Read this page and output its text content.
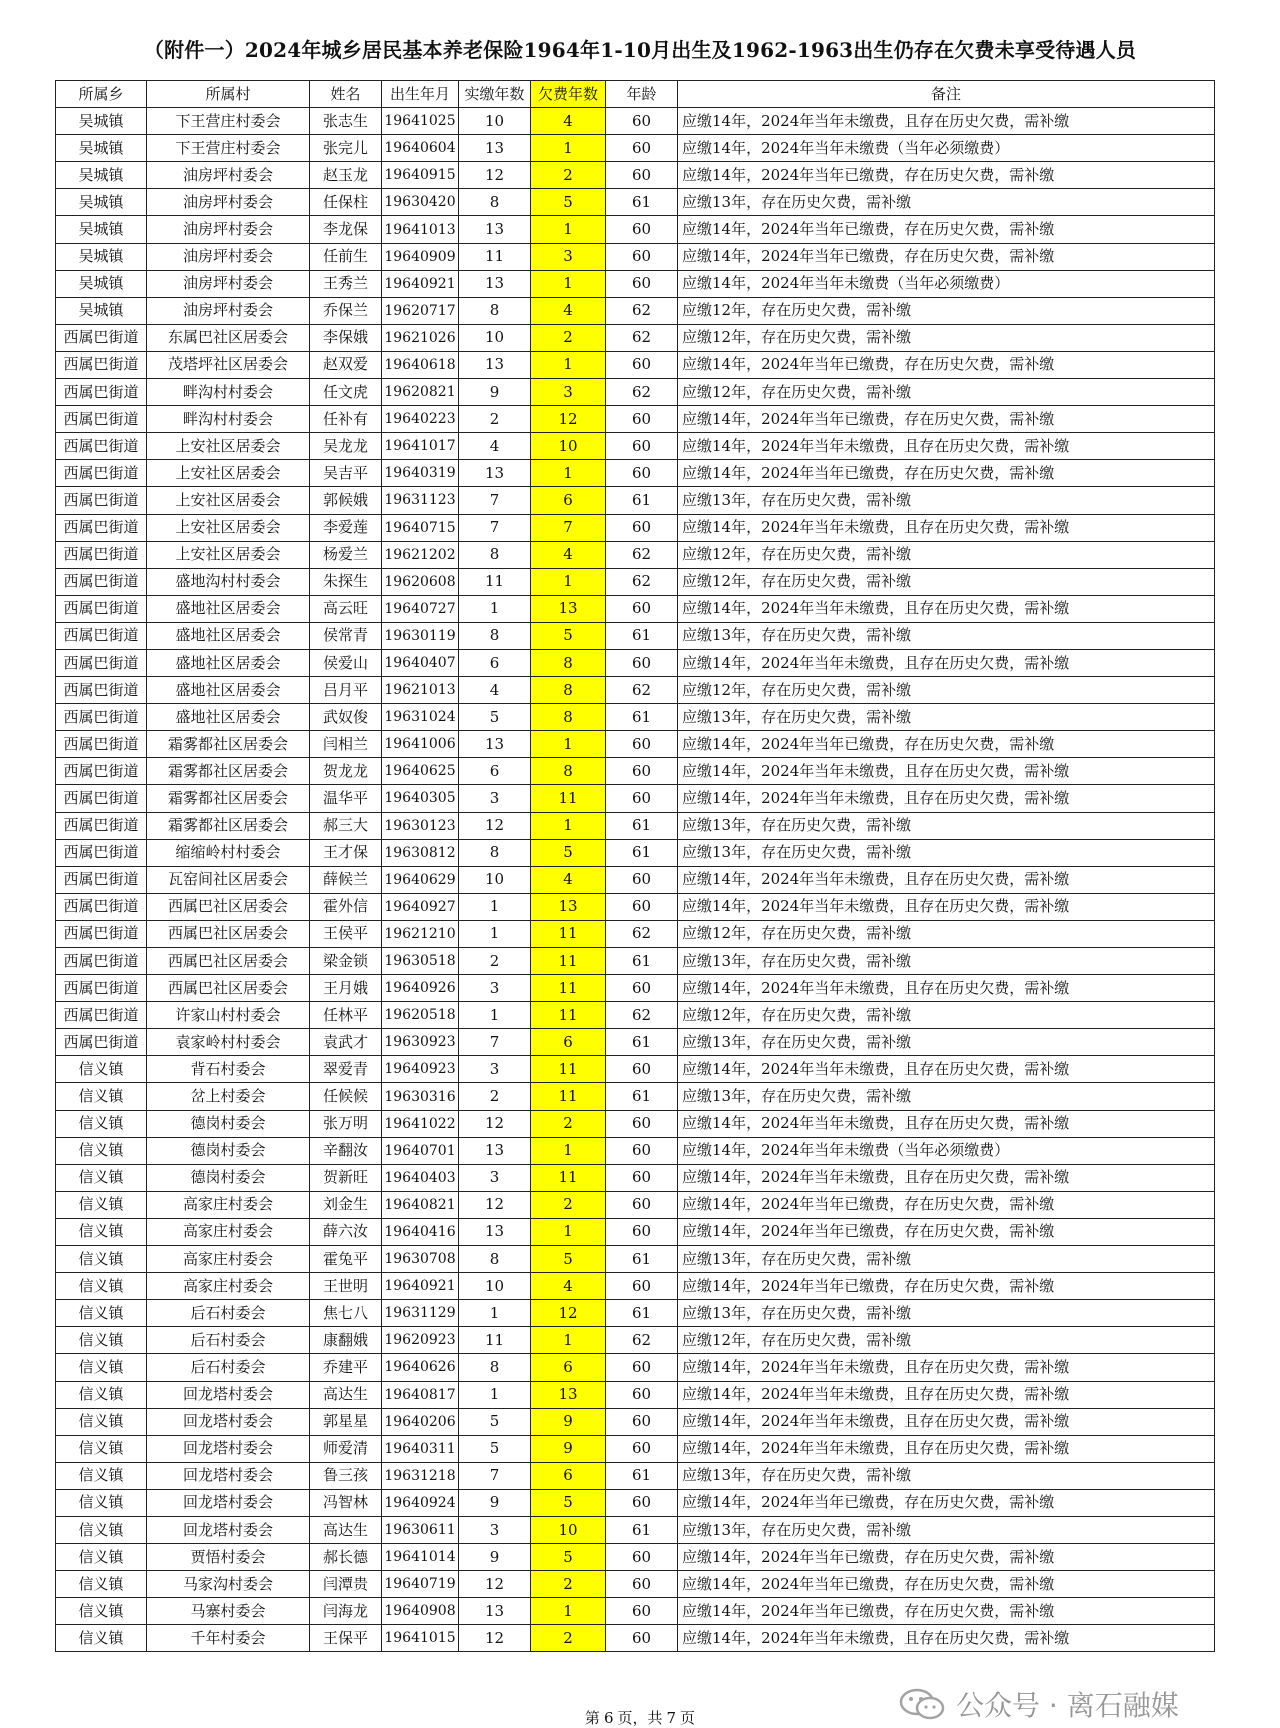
（附件一）2024年城乡居民基本养老保险1964年1-10月出生及1962-1963出生仍存在欠费未享受待遇人员
所属乡	所属村	姓名	出生年月	实缴年数	欠费年数	年龄	备注
吴城镇	下王营庄村委会	张志生	19641025	10	4	60	应缴14年，2024年当年未缴费，且存在历史欠费，需补缴
吴城镇	下王营庄村委会	张完儿	19640604	13	1	60	应缴14年，2024年当年未缴费（当年必须缴费）
吴城镇	油房坪村委会	赵玉龙	19640915	12	2	60	应缴14年，2024年当年已缴费，存在历史欠费，需补缴
吴城镇	油房坪村委会	任保柱	19630420	8	5	61	应缴13年，存在历史欠费，需补缴
吴城镇	油房坪村委会	李龙保	19641013	13	1	60	应缴14年，2024年当年已缴费，存在历史欠费，需补缴
吴城镇	油房坪村委会	任前生	19640909	11	3	60	应缴14年，2024年当年已缴费，存在历史欠费，需补缴
吴城镇	油房坪村委会	王秀兰	19640921	13	1	60	应缴14年，2024年当年未缴费（当年必须缴费）
吴城镇	油房坪村委会	乔保兰	19620717	8	4	62	应缴12年，存在历史欠费，需补缴
西属巴街道	东属巴社区居委会	李保娥	19621026	10	2	62	应缴12年，存在历史欠费，需补缴
西属巴街道	茂塔坪社区居委会	赵双爱	19640618	13	1	60	应缴14年，2024年当年已缴费，存在历史欠费，需补缴
西属巴街道	畔沟村村委会	任文虎	19620821	9	3	62	应缴12年，存在历史欠费，需补缴
西属巴街道	畔沟村村委会	任补有	19640223	2	12	60	应缴14年，2024年当年已缴费，存在历史欠费，需补缴
西属巴街道	上安社区居委会	吴龙龙	19641017	4	10	60	应缴14年，2024年当年未缴费，且存在历史欠费，需补缴
西属巴街道	上安社区居委会	吴吉平	19640319	13	1	60	应缴14年，2024年当年已缴费，存在历史欠费，需补缴
西属巴街道	上安社区居委会	郭候娥	19631123	7	6	61	应缴13年，存在历史欠费，需补缴
西属巴街道	上安社区居委会	李爱莲	19640715	7	7	60	应缴14年，2024年当年未缴费，且存在历史欠费，需补缴
西属巴街道	上安社区居委会	杨爱兰	19621202	8	4	62	应缴12年，存在历史欠费，需补缴
西属巴街道	盛地沟村村委会	朱探生	19620608	11	1	62	应缴12年，存在历史欠费，需补缴
西属巴街道	盛地社区居委会	高云旺	19640727	1	13	60	应缴14年，2024年当年未缴费，且存在历史欠费，需补缴
西属巴街道	盛地社区居委会	侯常青	19630119	8	5	61	应缴13年，存在历史欠费，需补缴
西属巴街道	盛地社区居委会	侯爱山	19640407	6	8	60	应缴14年，2024年当年未缴费，且存在历史欠费，需补缴
西属巴街道	盛地社区居委会	吕月平	19621013	4	8	62	应缴12年，存在历史欠费，需补缴
西属巴街道	盛地社区居委会	武奴俊	19631024	5	8	61	应缴13年，存在历史欠费，需补缴
西属巴街道	霜雾都社区居委会	闫相兰	19641006	13	1	60	应缴14年，2024年当年已缴费，存在历史欠费，需补缴
西属巴街道	霜雾都社区居委会	贺龙龙	19640625	6	8	60	应缴14年，2024年当年未缴费，且存在历史欠费，需补缴
西属巴街道	霜雾都社区居委会	温华平	19640305	3	11	60	应缴14年，2024年当年未缴费，且存在历史欠费，需补缴
西属巴街道	霜雾都社区居委会	郝三大	19630123	12	1	61	应缴13年，存在历史欠费，需补缴
西属巴街道	缩缩岭村村委会	王才保	19630812	8	5	61	应缴13年，存在历史欠费，需补缴
西属巴街道	瓦窑间社区居委会	薛候兰	19640629	10	4	60	应缴14年，2024年当年未缴费，且存在历史欠费，需补缴
西属巴街道	西属巴社区居委会	霍外信	19640927	1	13	60	应缴14年，2024年当年未缴费，且存在历史欠费，需补缴
西属巴街道	西属巴社区居委会	王侯平	19621210	1	11	62	应缴12年，存在历史欠费，需补缴
西属巴街道	西属巴社区居委会	梁金锁	19630518	2	11	61	应缴13年，存在历史欠费，需补缴
西属巴街道	西属巴社区居委会	王月娥	19640926	3	11	60	应缴14年，2024年当年未缴费，且存在历史欠费，需补缴
西属巴街道	许家山村村委会	任林平	19620518	1	11	62	应缴12年，存在历史欠费，需补缴
西属巴街道	袁家岭村村委会	袁武才	19630923	7	6	61	应缴13年，存在历史欠费，需补缴
信义镇	背石村委会	翠爱青	19640923	3	11	60	应缴14年，2024年当年未缴费，且存在历史欠费，需补缴
信义镇	岔上村委会	任候候	19630316	2	11	61	应缴13年，存在历史欠费，需补缴
信义镇	德岗村委会	张万明	19641022	12	2	60	应缴14年，2024年当年未缴费，且存在历史欠费，需补缴
信义镇	德岗村委会	辛翻汝	19640701	13	1	60	应缴14年，2024年当年未缴费（当年必须缴费）
信义镇	德岗村委会	贺新旺	19640403	3	11	60	应缴14年，2024年当年未缴费，且存在历史欠费，需补缴
信义镇	高家庄村委会	刘金生	19640821	12	2	60	应缴14年，2024年当年已缴费，存在历史欠费，需补缴
信义镇	高家庄村委会	薛六汝	19640416	13	1	60	应缴14年，2024年当年已缴费，存在历史欠费，需补缴
信义镇	高家庄村委会	霍兔平	19630708	8	5	61	应缴13年，存在历史欠费，需补缴
信义镇	高家庄村委会	王世明	19640921	10	4	60	应缴14年，2024年当年已缴费，存在历史欠费，需补缴
信义镇	后石村委会	焦七八	19631129	1	12	61	应缴13年，存在历史欠费，需补缴
信义镇	后石村委会	康翻娥	19620923	11	1	62	应缴12年，存在历史欠费，需补缴
信义镇	后石村委会	乔建平	19640626	8	6	60	应缴14年，2024年当年未缴费，且存在历史欠费，需补缴
信义镇	回龙塔村委会	高达生	19640817	1	13	60	应缴14年，2024年当年未缴费，且存在历史欠费，需补缴
信义镇	回龙塔村委会	郭星星	19640206	5	9	60	应缴14年，2024年当年未缴费，且存在历史欠费，需补缴
信义镇	回龙塔村委会	师爱清	19640311	5	9	60	应缴14年，2024年当年未缴费，且存在历史欠费，需补缴
信义镇	回龙塔村委会	鲁三孩	19631218	7	6	61	应缴13年，存在历史欠费，需补缴
信义镇	回龙塔村委会	冯智林	19640924	9	5	60	应缴14年，2024年当年已缴费，存在历史欠费，需补缴
信义镇	回龙塔村委会	高达生	19630611	3	10	61	应缴13年，存在历史欠费，需补缴
信义镇	贾悟村委会	郝长德	19641014	9	5	60	应缴14年，2024年当年已缴费，存在历史欠费，需补缴
信义镇	马家沟村委会	闫潭贵	19640719	12	2	60	应缴14年，2024年当年已缴费，存在历史欠费，需补缴
信义镇	马寨村委会	闫海龙	19640908	13	1	60	应缴14年，2024年当年已缴费，存在历史欠费，需补缴
信义镇	千年村委会	王保平	19641015	12	2	60	应缴14年，2024年当年未缴费，且存在历史欠费，需补缴
第 6 页，共 7 页	公众号 · 离石融媒
